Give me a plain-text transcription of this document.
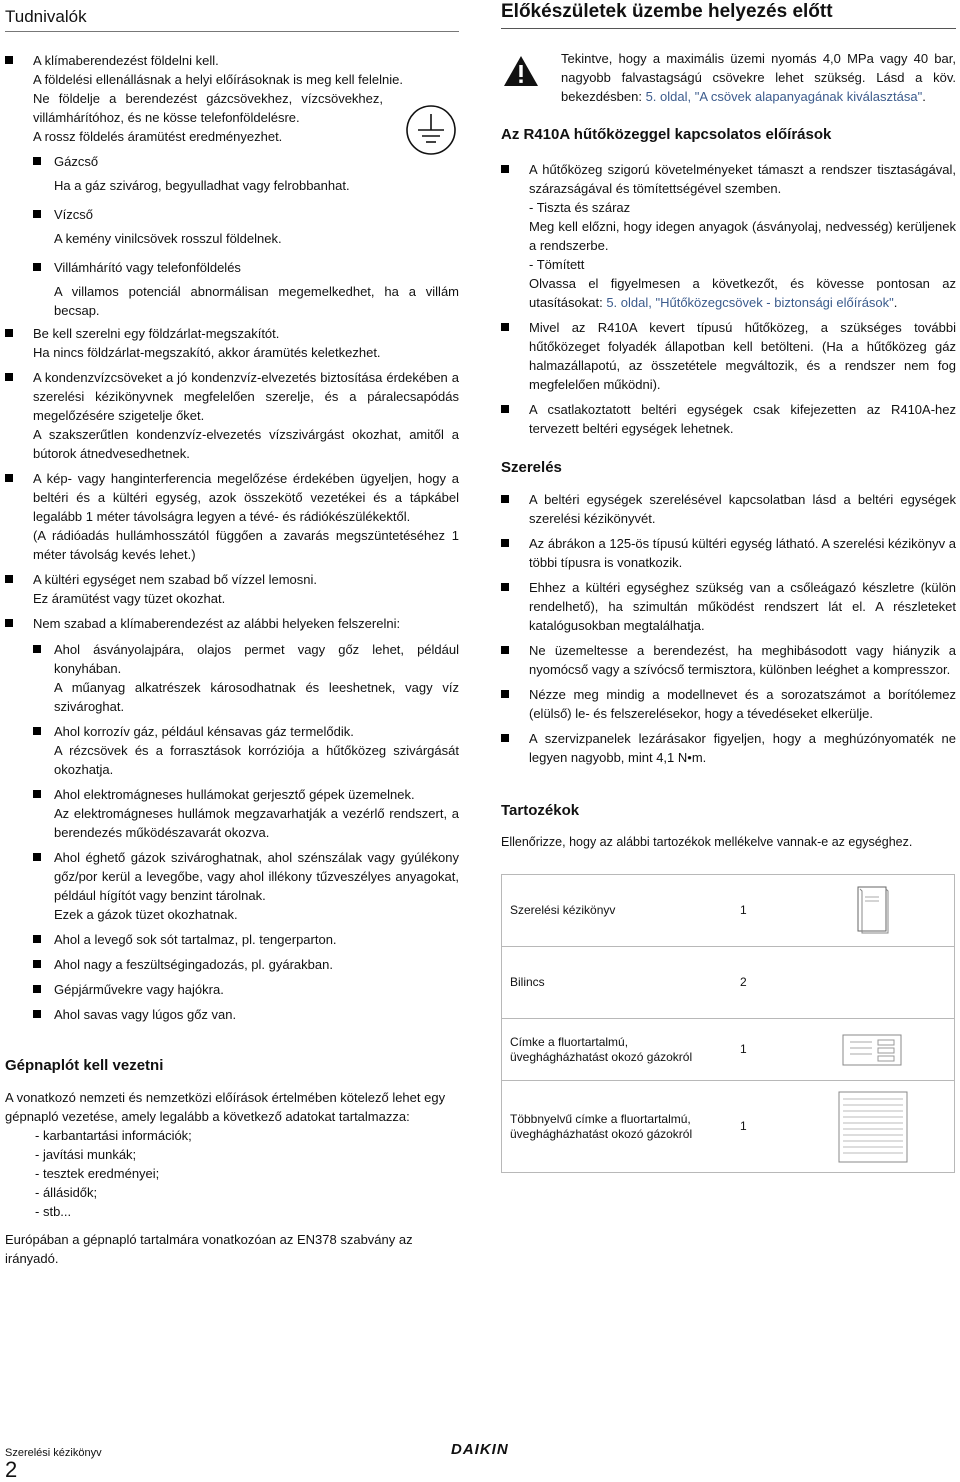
Tudnivalók

A klímaberendezést földelni kell.

A földelési ellenállásnak a helyi előírásoknak is meg kell felelnie.

Ne földelje a berendezést gázcsövekhez, vízcsövekhez, villámhárítóhoz, és ne kösse telefonföldelésre.

A rossz földelés áramütést eredményezhet.

Gázcső

Ha a gáz szivárog, begyulladhat vagy felrobbanhat.

Vízcső

A kemény vinilcsövek rosszul földelnek.

Villámhárító vagy telefonföldelés

A villamos potenciál abnormálisan megemelkedhet, ha a villám becsap.

Be kell szerelni egy földzárlat-megszakítót.

Ha nincs földzárlat-megszakító, akkor áramütés keletkezhet.

A kondenzvízcsöveket a jó kondenzvíz-elvezetés biztosítása érdekében a szerelési kézikönyvnek megfelelően szerelje, és a páralecsapódás megelőzésére szigetelje őket.

A szakszerűtlen kondenzvíz-elvezetés vízszivárgást okozhat, amitől a bútorok átnedvesedhetnek.

A kép- vagy hanginterferencia megelőzése érdekében ügyeljen, hogy a beltéri és a kültéri egység, azok összekötő vezetékei és a tápkábel legalább 1 méter távolságra legyen a tévé- és rádiókészülékektől.

(A rádióadás hullámhosszától függően a zavarás megszüntetéséhez 1 méter távolság kevés lehet.)

A kültéri egységet nem szabad bő vízzel lemosni.

Ez áramütést vagy tüzet okozhat.

Nem szabad a klímaberendezést az alábbi helyeken felszerelni:

Ahol ásványolajpára, olajos permet vagy gőz lehet, például konyhában.

A műanyag alkatrészek károsodhatnak és leeshetnek, vagy víz szivároghat.

Ahol korrozív gáz, például kénsavas gáz termelődik.

A rézcsövek és a forrasztások korróziója a hűtőközeg szivárgását okozhatja.

Ahol elektromágneses hullámokat gerjesztő gépek üzemelnek.

Az elektromágneses hullámok megzavarhatják a vezérlő rendszert, a berendezés működészavarát okozva.

Ahol éghető gázok szivároghatnak, ahol szénszálak vagy gyúlékony gőz/por kerül a levegőbe, vagy ahol illékony tűzveszélyes anyagokat, például hígítót vagy benzint tárolnak.

Ezek a gázok tüzet okozhatnak.

Ahol a levegő sok sót tartalmaz, pl. tengerparton.

Ahol nagy a feszültségingadozás, pl. gyárakban.

Gépjárművekre vagy hajókra.

Ahol savas vagy lúgos gőz van.

Gépnaplót kell vezetni

A vonatkozó nemzeti és nemzetközi előírások értelmében kötelező lehet egy gépnapló vezetése, amely legalább a következő adatokat tartalmazza:

- karbantartási információk;
- javítási munkák;
- tesztek eredményei;
- állásidők;
- stb...

Európában a gépnapló tartalmára vonatkozóan az EN378 szabvány az irányadó.

Előkészületek üzembe helyezés előtt

Tekintve, hogy a maximális üzemi nyomás 4,0 MPa vagy 40 bar, nagyobb falvastagságú csövekre lehet szükség. Lásd a köv. bekezdésben: 5. oldal, "A csövek alapanyagának kiválasztása".

Az R410A hűtőközeggel kapcsolatos előírások

A hűtőközeg szigorú követelményeket támaszt a rendszer tisztaságával, szárazságával és tömítettségével szemben.

- Tiszta és száraz

Meg kell előzni, hogy idegen anyagok (ásványolaj, nedvesség) kerüljenek a rendszerbe.

- Tömített

Olvassa el figyelmesen a következőt, és kövesse pontosan az utasításokat: 5. oldal, "Hűtőközegcsövek - biztonsági előírások".

Mivel az R410A kevert típusú hűtőközeg, a szükséges további hűtőközeget folyadék állapotban kell betölteni. (Ha a hűtőközeg gáz halmazállapotú, az összetétele megváltozik, és a rendszer nem fog megfelelően működni).

A csatlakoztatott beltéri egységek csak kifejezetten az R410A-hez tervezett beltéri egységek lehetnek.

Szerelés

A beltéri egységek szerelésével kapcsolatban lásd a beltéri egységek szerelési kézikönyvét.

Az ábrákon a 125-ös típusú kültéri egység látható. A szerelési kézikönyv a többi típusra is vonatkozik.

Ehhez a kültéri egységhez szükség van a csőleágazó készletre (külön rendelhető), ha szimultán működést rendszert lát el. A részleteket katalógusokban megtalálhatja.

Ne üzemeltesse a berendezést, ha meghibásodott vagy hiányzik a nyomócső vagy a szívócső termisztora, különben leéghet a kompresszor.

Nézze meg mindig a modellnevet és a sorozatszámot a borítólemez (elülső) le- és felszerelésekor, hogy a tévedéseket elkerülje.

A szervizpanelek lezárásakor figyeljen, hogy a meghúzónyomaték ne legyen nagyobb, mint 4,1 N•m.

Tartozékok

Ellenőrizze, hogy az alábbi tartozékok mellékelve vannak-e az egységhez.

Szerelési kézikönyv	1	

Bilincs	2	
Címke a fluortartalmú, üveghágházhatást okozó gázokról	1	

Többnyelvű címke a fluortartalmú, üveghágházhatást okozó gázokról	1	
Szerelési kézikönyv
2
DAIKIN
